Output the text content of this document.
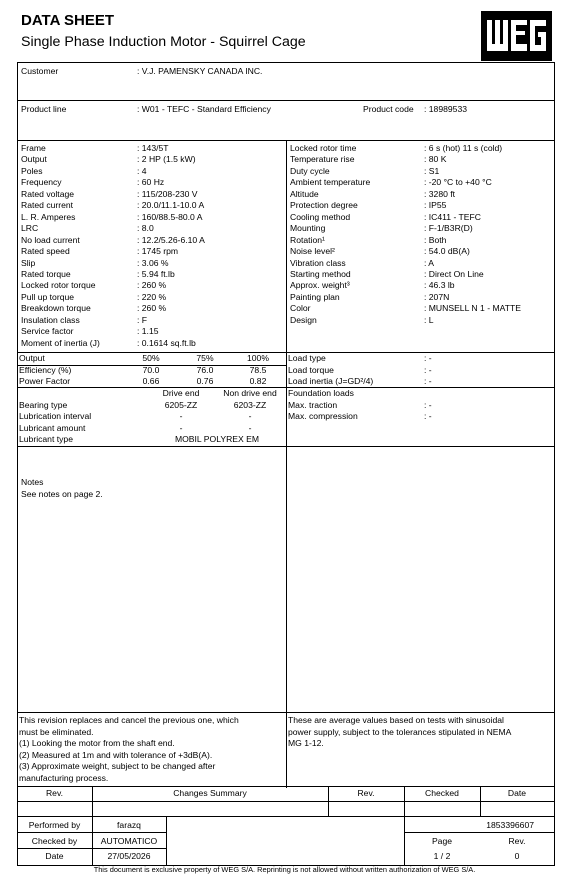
DATA SHEET
Single Phase Induction Motor - Squirrel Cage
Customer	: V.J. PAMENSKY CANADA INC.
Product line	: W01 - TEFC - Standard Efficiency	Product code : 18989533
Frame	: 143/5T
Output	: 2 HP (1.5 kW)
Poles	: 4
Frequency	: 60 Hz
Rated voltage	: 115/208-230 V
Rated current	: 20.0/11.1-10.0 A
L. R. Amperes	: 160/88.5-80.0 A
LRC	: 8.0
No load current	: 12.2/5.26-6.10 A
Rated speed	: 1745 rpm
Slip	: 3.06 %
Rated torque	: 5.94 ft.lb
Locked rotor torque	: 260 %
Pull up torque	: 220 %
Breakdown torque	: 260 %
Insulation class	: F
Service factor	: 1.15
Moment of inertia (J)	: 0.1614 sq.ft.lb
Locked rotor time	: 6 s (hot) 11 s (cold)
Temperature rise	: 80 K
Duty cycle	: S1
Ambient temperature	: -20 °C to +40 °C
Altitude	: 3280 ft
Protection degree	: IP55
Cooling method	: IC411 - TEFC
Mounting	: F-1/B3R(D)
Rotation¹	: Both
Noise level²	: 54.0 dB(A)
Vibration class	: A
Starting method	: Direct On Line
Approx. weight³	: 46.3 lb
Painting plan	: 207N
Color	: MUNSELL N 1 - MATTE
Design	: L
Output	50%	75%	100%
Efficiency (%)	70.0	76.0	78.5
Power Factor	0.66	0.76	0.82
Load type	: -
Load torque	: -
Load inertia (J=GD²/4)	: -
Drive end	Non drive end
Bearing type	6205-ZZ	6203-ZZ
Lubrication interval	-	-
Lubricant amount	-	-
Lubricant type	MOBIL POLYREX EM
Foundation loads
Max. traction	: -
Max. compression	: -
Notes
See notes on page 2.
This revision replaces and cancel the previous one, which
must be eliminated.
(1) Looking the motor from the shaft end.
(2) Measured at 1m and with tolerance of +3dB(A).
(3) Approximate weight, subject to be changed after
manufacturing process.
These are average values based on tests with sinusoidal
power supply, subject to the tolerances stipulated in NEMA
MG 1-12.
Rev.	Changes Summary	Rev.	Checked	Date
Performed by	farazq
Checked by	AUTOMATICO
Date	27/05/2026
1853396607
Page	Rev.
1 / 2	0
This document is exclusive property of WEG S/A. Reprinting is not allowed without written authorization of WEG S/A.
